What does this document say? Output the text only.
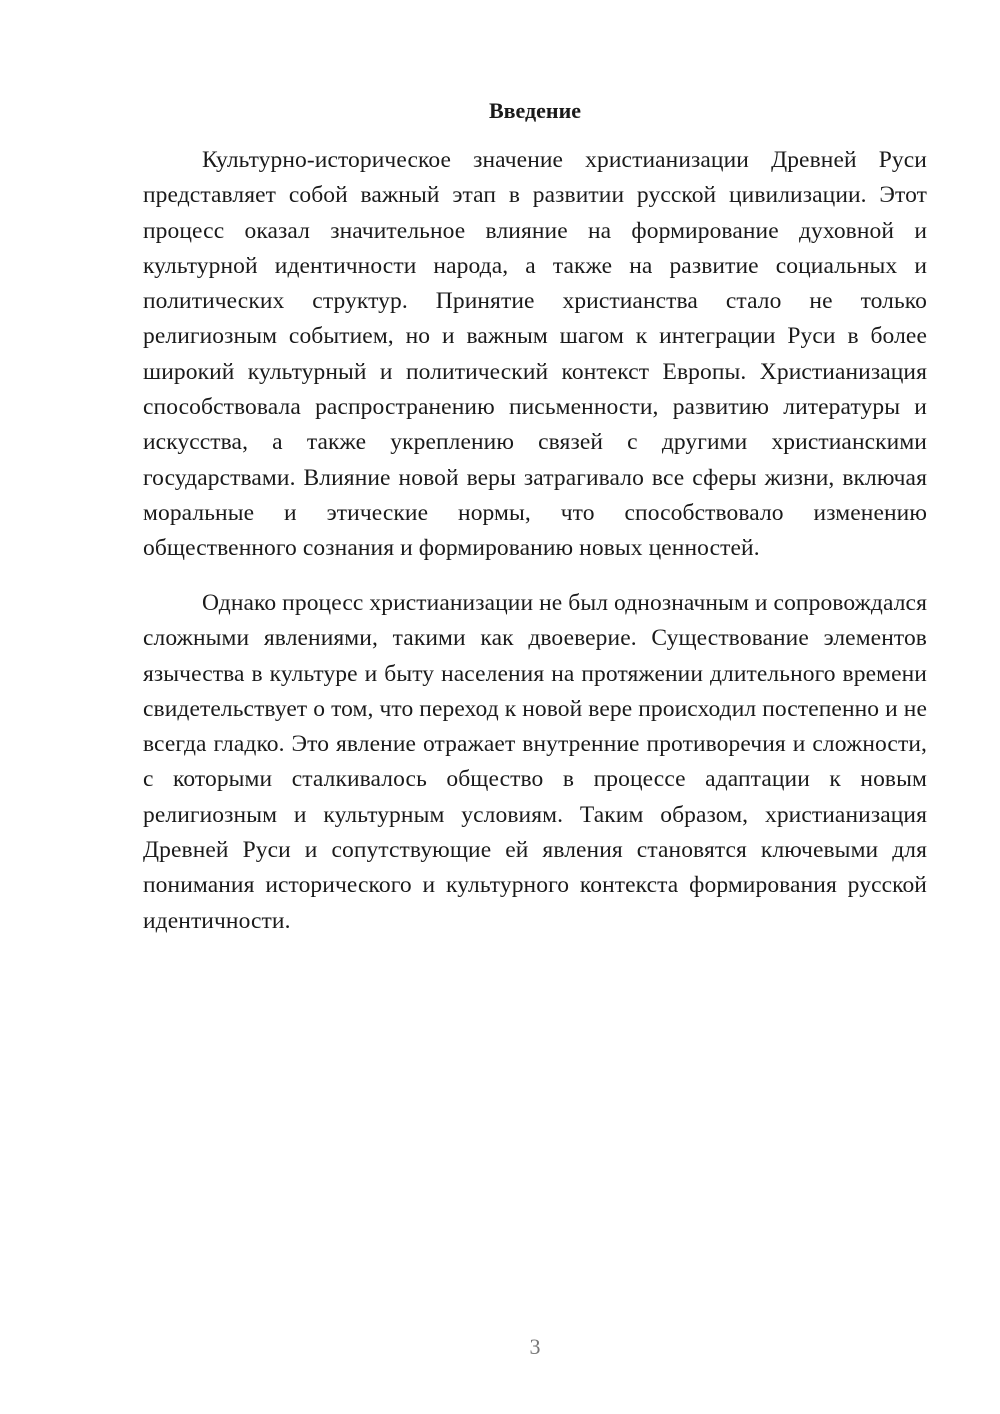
Введение

Культурно-историческое значение христианизации Древней Руси представляет собой важный этап в развитии русской цивилизации. Этот процесс оказал значительное влияние на формирование духовной и культурной идентичности народа, а также на развитие социальных и политических структур. Принятие христианства стало не только религиозным событием, но и важным шагом к интеграции Руси в более широкий культурный и политический контекст Европы. Христианизация способствовала распространению письменности, развитию литературы и искусства, а также укреплению связей с другими христианскими государствами. Влияние новой веры затрагивало все сферы жизни, включая моральные и этические нормы, что способствовало изменению общественного сознания и формированию новых ценностей.

Однако процесс христианизации не был однозначным и сопровождался сложными явлениями, такими как двоеверие. Существование элементов язычества в культуре и быту населения на протяжении длительного времени свидетельствует о том, что переход к новой вере происходил постепенно и не всегда гладко. Это явление отражает внутренние противоречия и сложности, с которыми сталкивалось общество в процессе адаптации к новым религиозным и культурным условиям. Таким образом, христианизация Древней Руси и сопутствующие ей явления становятся ключевыми для понимания исторического и культурного контекста формирования русской идентичности.

3
